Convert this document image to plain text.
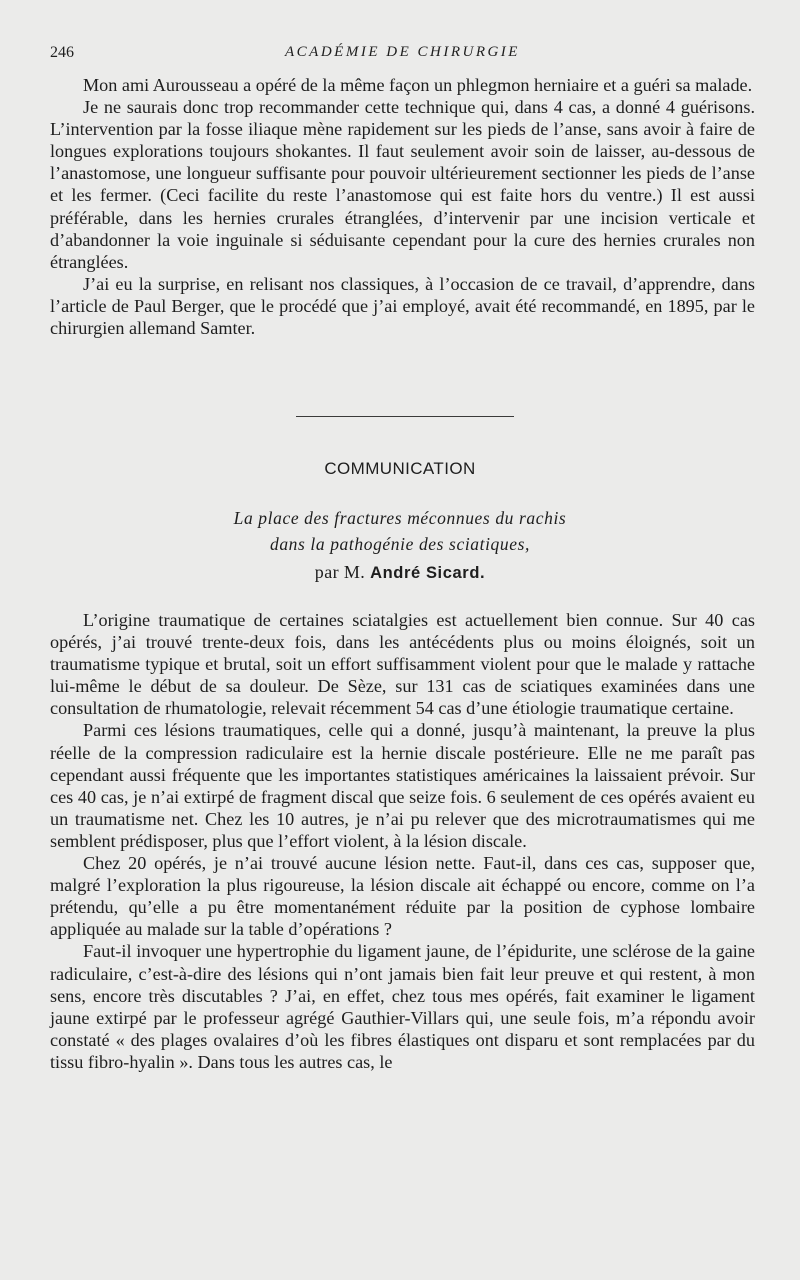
246	ACADÉMIE DE CHIRURGIE

Mon ami Aurousseau a opéré de la même façon un phlegmon herniaire et a guéri sa malade.

Je ne saurais donc trop recommander cette technique qui, dans 4 cas, a donné 4 guérisons. L’intervention par la fosse iliaque mène rapidement sur les pieds de l’anse, sans avoir à faire de longues explorations toujours shokantes. Il faut seulement avoir soin de laisser, au-dessous de l’anastomose, une longueur suffisante pour pouvoir ultérieurement sectionner les pieds de l’anse et les fermer. (Ceci facilite du reste l’anastomose qui est faite hors du ventre.) Il est aussi préférable, dans les hernies crurales étranglées, d’intervenir par une incision verticale et d’abandonner la voie inguinale si séduisante cependant pour la cure des hernies crurales non étranglées.

J’ai eu la surprise, en relisant nos classiques, à l’occasion de ce travail, d’apprendre, dans l’article de Paul Berger, que le procédé que j’ai employé, avait été recommandé, en 1895, par le chirurgien allemand Samter.

COMMUNICATION
La place des fractures méconnues du rachis
dans la pathogénie des sciatiques,
par M. André Sicard.

L’origine traumatique de certaines sciatalgies est actuellement bien connue. Sur 40 cas opérés, j’ai trouvé trente-deux fois, dans les antécédents plus ou moins éloignés, soit un traumatisme typique et brutal, soit un effort suffisamment violent pour que le malade y rattache lui-même le début de sa douleur. De Sèze, sur 131 cas de sciatiques examinées dans une consultation de rhumatologie, relevait récemment 54 cas d’une étiologie traumatique certaine.

Parmi ces lésions traumatiques, celle qui a donné, jusqu’à maintenant, la preuve la plus réelle de la compression radiculaire est la hernie discale postérieure. Elle ne me paraît pas cependant aussi fréquente que les importantes statistiques américaines la laissaient prévoir. Sur ces 40 cas, je n’ai extirpé de fragment discal que seize fois. 6 seulement de ces opérés avaient eu un traumatisme net. Chez les 10 autres, je n’ai pu relever que des microtraumatismes qui me semblent prédisposer, plus que l’effort violent, à la lésion discale.

Chez 20 opérés, je n’ai trouvé aucune lésion nette. Faut-il, dans ces cas, supposer que, malgré l’exploration la plus rigoureuse, la lésion discale ait échappé ou encore, comme on l’a prétendu, qu’elle a pu être momentanément réduite par la position de cyphose lombaire appliquée au malade sur la table d’opérations ?

Faut-il invoquer une hypertrophie du ligament jaune, de l’épidurite, une sclérose de la gaine radiculaire, c’est-à-dire des lésions qui n’ont jamais bien fait leur preuve et qui restent, à mon sens, encore très discutables ? J’ai, en effet, chez tous mes opérés, fait examiner le ligament jaune extirpé par le professeur agrégé Gauthier-Villars qui, une seule fois, m’a répondu avoir constaté « des plages ovalaires d’où les fibres élastiques ont disparu et sont remplacées par du tissu fibro-hyalin ». Dans tous les autres cas, le
